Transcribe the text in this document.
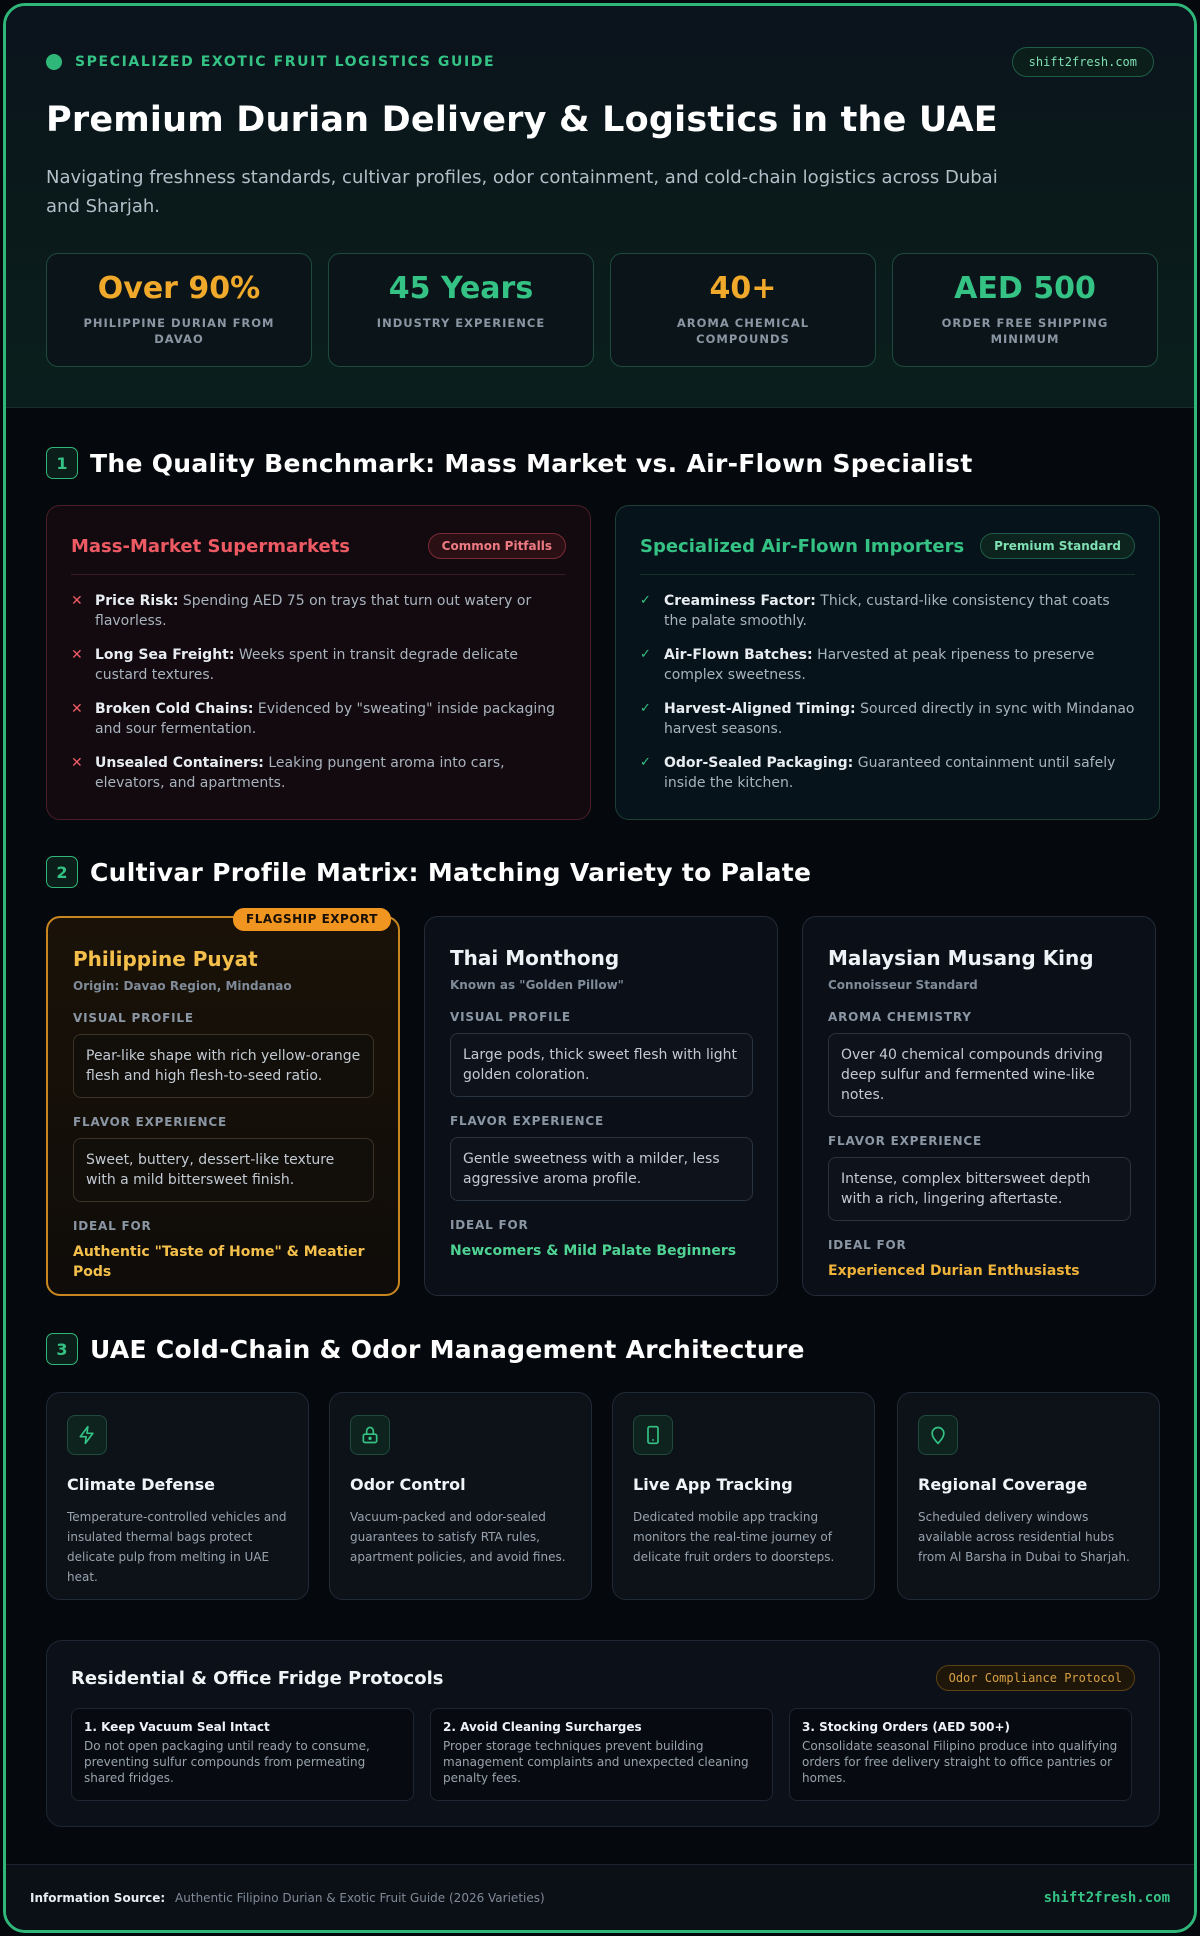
SPECIALIZED EXOTIC FRUIT LOGISTICS GUIDE	shift2fresh.com
Premium Durian Delivery & Logistics in the UAE

Navigating freshness standards, cultivar profiles, odor containment, and cold-chain logistics across Dubai and Sharjah.

Over 90%
PHILIPPINE DURIAN FROM DAVAO
45 Years
INDUSTRY EXPERIENCE
40+
AROMA CHEMICAL COMPOUNDS
AED 500
ORDER FREE SHIPPING MINIMUM
1 The Quality Benchmark: Mass Market vs. Air-Flown Specialist
Mass-Market Supermarkets	Common Pitfalls
✕ Price Risk: Spending AED 75 on trays that turn out watery or flavorless.
✕ Long Sea Freight: Weeks spent in transit degrade delicate custard textures.
✕ Broken Cold Chains: Evidenced by "sweating" inside packaging and sour fermentation.
✕ Unsealed Containers: Leaking pungent aroma into cars, elevators, and apartments.
Specialized Air-Flown Importers	Premium Standard
✓ Creaminess Factor: Thick, custard-like consistency that coats the palate smoothly.
✓ Air-Flown Batches: Harvested at peak ripeness to preserve complex sweetness.
✓ Harvest-Aligned Timing: Sourced directly in sync with Mindanao harvest seasons.
✓ Odor-Sealed Packaging: Guaranteed containment until safely inside the kitchen.
2 Cultivar Profile Matrix: Matching Variety to Palate
FLAGSHIP EXPORT
Philippine Puyat
Origin: Davao Region, Mindanao
VISUAL PROFILE
Pear-like shape with rich yellow-orange flesh and high flesh-to-seed ratio.
FLAVOR EXPERIENCE
Sweet, buttery, dessert-like texture with a mild bittersweet finish.
IDEAL FOR
Authentic "Taste of Home" & Meatier Pods
Thai Monthong
Known as "Golden Pillow"
VISUAL PROFILE
Large pods, thick sweet flesh with light golden coloration.
FLAVOR EXPERIENCE
Gentle sweetness with a milder, less aggressive aroma profile.
IDEAL FOR
Newcomers & Mild Palate Beginners
Malaysian Musang King
Connoisseur Standard
AROMA CHEMISTRY
Over 40 chemical compounds driving deep sulfur and fermented wine-like notes.
FLAVOR EXPERIENCE
Intense, complex bittersweet depth with a rich, lingering aftertaste.
IDEAL FOR
Experienced Durian Enthusiasts
3 UAE Cold-Chain & Odor Management Architecture
Climate Defense

Temperature-controlled vehicles and insulated thermal bags protect delicate pulp from melting in UAE heat.

Odor Control

Vacuum-packed and odor-sealed guarantees to satisfy RTA rules, apartment policies, and avoid fines.

Live App Tracking

Dedicated mobile app tracking monitors the real-time journey of delicate fruit orders to doorsteps.

Regional Coverage

Scheduled delivery windows available across residential hubs from Al Barsha in Dubai to Sharjah.

Residential & Office Fridge Protocols	Odor Compliance Protocol
1. Keep Vacuum Seal Intact

Do not open packaging until ready to consume, preventing sulfur compounds from permeating shared fridges.

2. Avoid Cleaning Surcharges

Proper storage techniques prevent building management complaints and unexpected cleaning penalty fees.

3. Stocking Orders (AED 500+)

Consolidate seasonal Filipino produce into qualifying orders for free delivery straight to office pantries or homes.

Information Source: Authentic Filipino Durian & Exotic Fruit Guide (2026 Varieties)	shift2fresh.com
